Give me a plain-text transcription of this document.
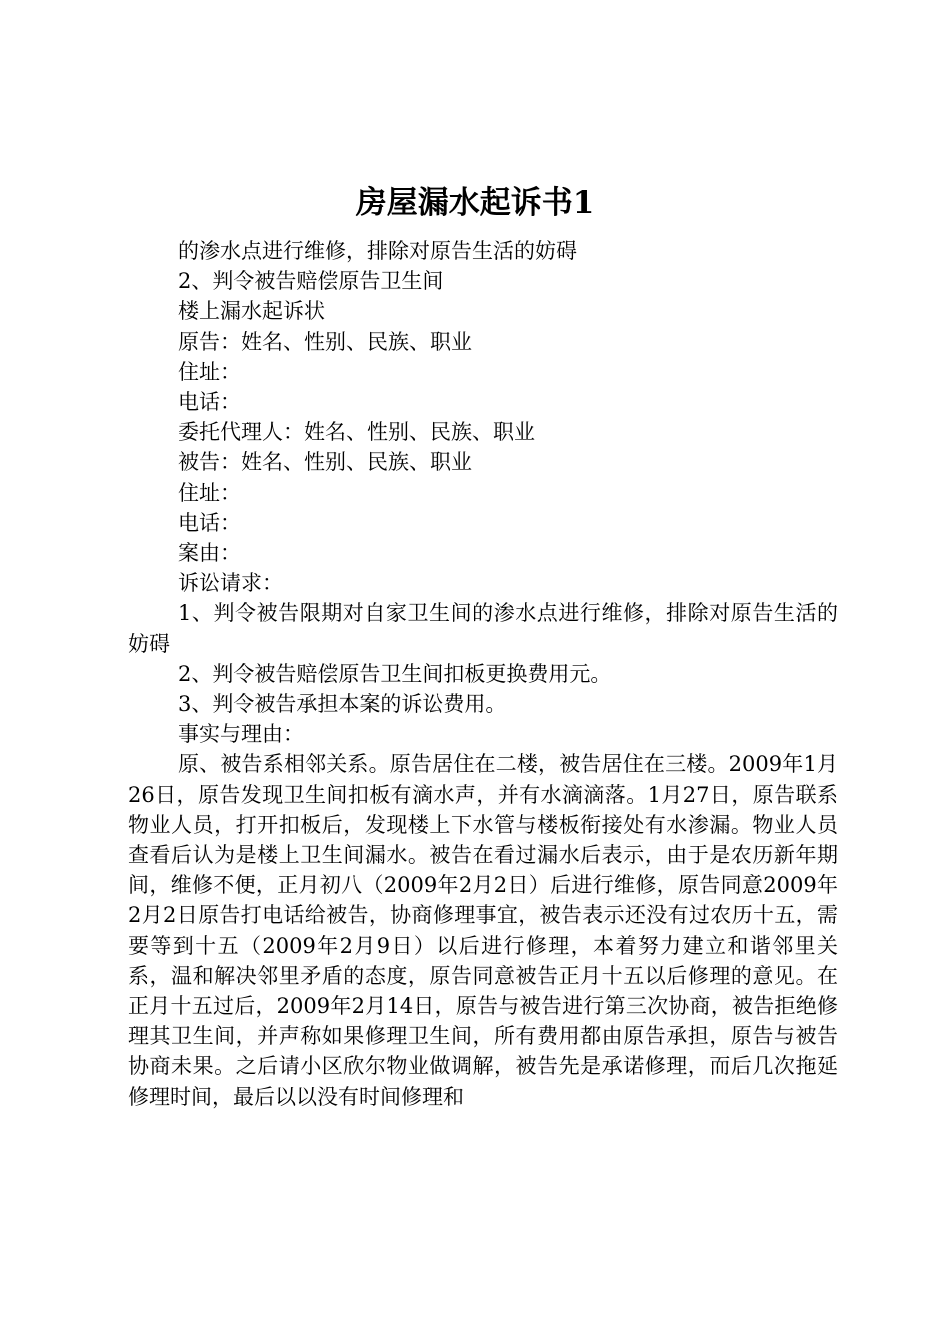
房屋漏水起诉书1

的渗水点进行维修，排除对原告生活的妨碍

2、判令被告赔偿原告卫生间

楼上漏水起诉状

原告：姓名、性别、民族、职业

住址：

电话：

委托代理人：姓名、性别、民族、职业

被告：姓名、性别、民族、职业

住址：

电话：

案由：

诉讼请求：

1、判令被告限期对自家卫生间的渗水点进行维修，排除对原告生活的妨碍

2、判令被告赔偿原告卫生间扣板更换费用元。

3、判令被告承担本案的诉讼费用。

事实与理由：

原、被告系相邻关系。原告居住在二楼，被告居住在三楼。2009年1月26日，原告发现卫生间扣板有滴水声，并有水滴滴落。1月27日，原告联系物业人员，打开扣板后，发现楼上下水管与楼板衔接处有水渗漏。物业人员查看后认为是楼上卫生间漏水。被告在看过漏水后表示，由于是农历新年期间，维修不便，正月初八（2009年2月2日）后进行维修，原告同意2009年2月2日原告打电话给被告，协商修理事宜，被告表示还没有过农历十五，需要等到十五（2009年2月9日）以后进行修理，本着努力建立和谐邻里关系，温和解决邻里矛盾的态度，原告同意被告正月十五以后修理的意见。在正月十五过后，2009年2月14日，原告与被告进行第三次协商，被告拒绝修理其卫生间，并声称如果修理卫生间，所有费用都由原告承担，原告与被告协商未果。之后请小区欣尔物业做调解，被告先是承诺修理，而后几次拖延修理时间，最后以以没有时间修理和
